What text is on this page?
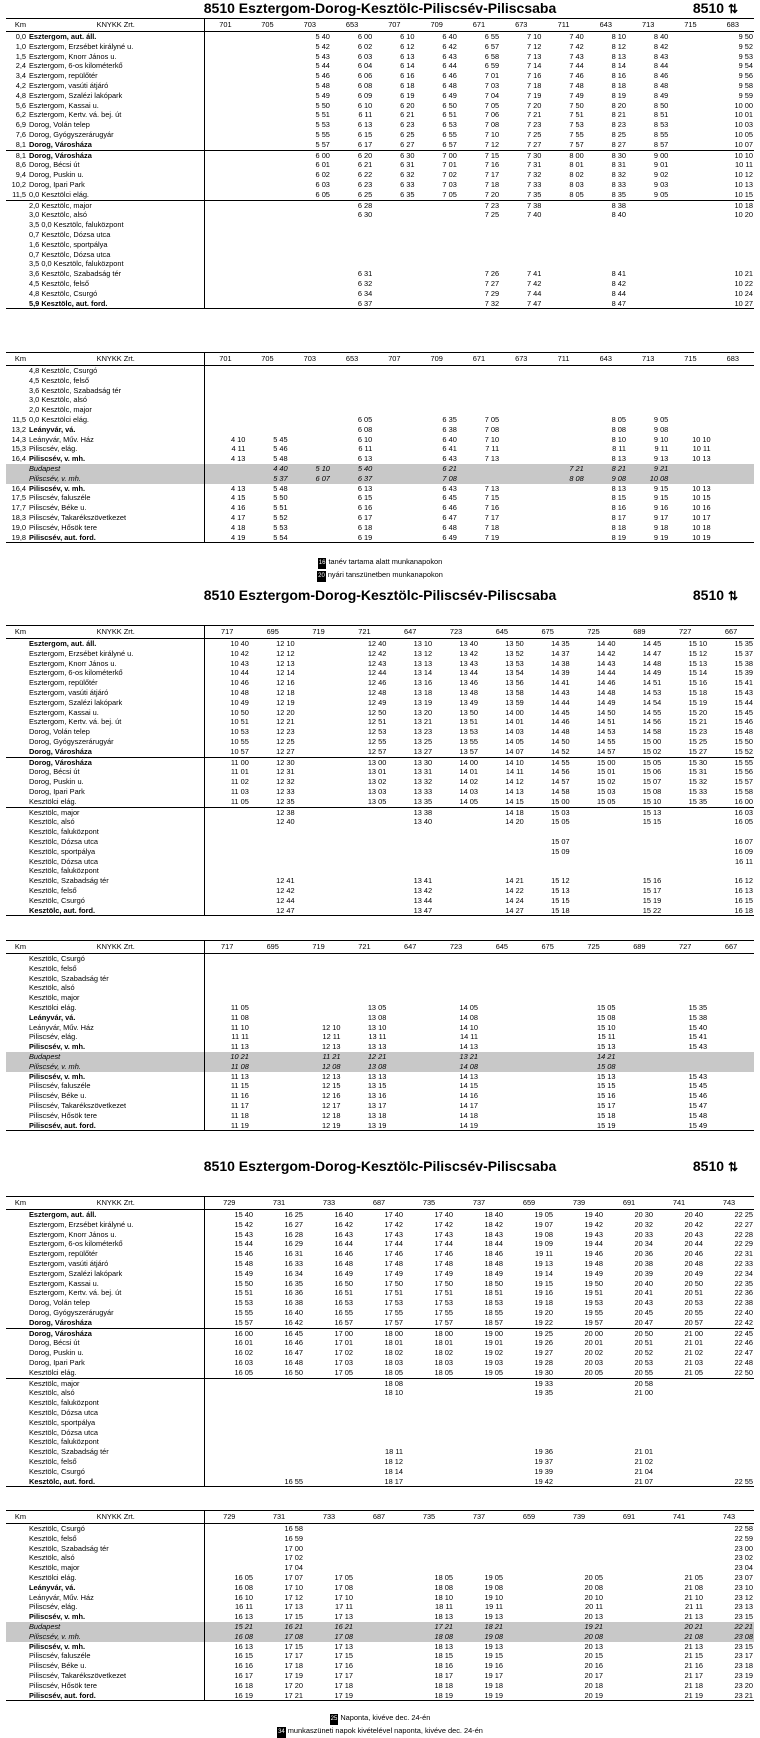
8510 Esztergom-Dorog-Kesztölc-Piliscsév-Piliscsaba	8510 ⇅
Km	KNYKK Zrt.	701	705	703	653	707	709	671	673	711	643	713	715	683
0,0	Esztergom, aut. áll.			5 40	6 00	6 10	6 40	6 55	7 10	7 40	8 10	8 40		9 50
1,0	Esztergom, Erzsébet királyné u.			5 42	6 02	6 12	6 42	6 57	7 12	7 42	8 12	8 42		9 52
1,5	Esztergom, Knorr János u.			5 43	6 03	6 13	6 43	6 58	7 13	7 43	8 13	8 43		9 53
2,4	Esztergom, 6-os kilométerkő			5 44	6 04	6 14	6 44	6 59	7 14	7 44	8 14	8 44		9 54
3,4	Esztergom, repülőtér			5 46	6 06	6 16	6 46	7 01	7 16	7 46	8 16	8 46		9 56
4,2	Esztergom, vasúti átjáró			5 48	6 08	6 18	6 48	7 03	7 18	7 48	8 18	8 48		9 58
4,8	Esztergom, Szalézi lakópark			5 49	6 09	6 19	6 49	7 04	7 19	7 49	8 19	8 49		9 59
5,6	Esztergom, Kassai u.			5 50	6 10	6 20	6 50	7 05	7 20	7 50	8 20	8 50		10 00
6,2	Esztergom, Kertv. vá. bej. út			5 51	6 11	6 21	6 51	7 06	7 21	7 51	8 21	8 51		10 01
6,9	Dorog, Volán telep			5 53	6 13	6 23	6 53	7 08	7 23	7 53	8 23	8 53		10 03
7,6	Dorog, Gyógyszerárugyár			5 55	6 15	6 25	6 55	7 10	7 25	7 55	8 25	8 55		10 05
8,1	Dorog, Városháza			5 57	6 17	6 27	6 57	7 12	7 27	7 57	8 27	8 57		10 07
8,1	Dorog, Városháza			6 00	6 20	6 30	7 00	7 15	7 30	8 00	8 30	9 00		10 10
8,6	Dorog, Bécsi út			6 01	6 21	6 31	7 01	7 16	7 31	8 01	8 31	9 01		10 11
9,4	Dorog, Puskin u.			6 02	6 22	6 32	7 02	7 17	7 32	8 02	8 32	9 02		10 12
10,2	Dorog, Ipari Park			6 03	6 23	6 33	7 03	7 18	7 33	8 03	8 33	9 03		10 13
11,5	0,0 Kesztölci elág.			6 05	6 25	6 35	7 05	7 20	7 35	8 05	8 35	9 05		10 15
	2,0 Kesztölc, major				6 28			7 23	7 38		8 38			10 18
	3,0 Kesztölc, alsó				6 30			7 25	7 40		8 40			10 20
	3,5 0,0 Kesztölc, faluközpont													
	0,7 Kesztölc, Dózsa utca													
	1,6 Kesztölc, sportpálya													
	0,7 Kesztölc, Dózsa utca													
	3,5 0,0 Kesztölc, faluközpont													
	3,6 Kesztölc, Szabadság tér				6 31			7 26	7 41		8 41			10 21
	4,5 Kesztölc, felső				6 32			7 27	7 42		8 42			10 22
	4,8 Kesztölc, Csurgó				6 34			7 29	7 44		8 44			10 24
	5,9 Kesztölc, aut. ford.				6 37			7 32	7 47		8 47			10 27
Km	KNYKK Zrt.	701	705	703	653	707	709	671	673	711	643	713	715	683
	4,8 Kesztölc, Csurgó													
	4,5 Kesztölc, felső													
	3,6 Kesztölc, Szabadság tér													
	3,0 Kesztölc, alsó													
	2,0 Kesztölc, major													
11,5	0,0 Kesztölci elág.				6 05		6 35	7 05			8 05	9 05		
13,2	Leányvár, vá.				6 08		6 38	7 08			8 08	9 08		
14,3	Leányvár, Műv. Ház	4 10	5 45		6 10		6 40	7 10			8 10	9 10	10 10	
15,3	Piliscsév, elág.	4 11	5 46		6 11		6 41	7 11			8 11	9 11	10 11	
16,4	Piliscsév, v. mh.	4 13	5 48		6 13		6 43	7 13			8 13	9 13	10 13	
	Budapest		4 40	5 10	5 40		6 21			7 21	8 21	9 21		
	Piliscsév, v. mh.		5 37	6 07	6 37		7 08			8 08	9 08	10 08		
16,4	Piliscsév, v. mh.	4 13	5 48		6 13		6 43	7 13			8 13	9 15	10 13	
17,5	Piliscsév, faluszéle	4 15	5 50		6 15		6 45	7 15			8 15	9 15	10 15	
17,7	Piliscsév, Béke u.	4 16	5 51		6 16		6 46	7 16			8 16	9 16	10 16	
18,3	Piliscsév, Takarékszövetkezet	4 17	5 52		6 17		6 47	7 17			8 17	9 17	10 17	
19,0	Piliscsév, Hősök tere	4 18	5 53		6 18		6 48	7 18			8 18	9 18	10 18	
19,8	Piliscsév, aut. ford.	4 19	5 54		6 19		6 49	7 19			8 19	9 19	10 19	
16 tanév tartama alatt munkanapokon
20 nyári tanszünetben munkanapokon
8510 Esztergom-Dorog-Kesztölc-Piliscsév-Piliscsaba	8510 ⇅
Km	KNYKK Zrt.	717	695	719	721	647	723	645	675	725	689	727	667
	Esztergom, aut. áll.	10 40	12 10		12 40	13 10	13 40	13 50	14 35	14 40	14 45	15 10	15 35
	Esztergom, Erzsébet királyné u.	10 42	12 12		12 42	13 12	13 42	13 52	14 37	14 42	14 47	15 12	15 37
	Esztergom, Knorr János u.	10 43	12 13		12 43	13 13	13 43	13 53	14 38	14 43	14 48	15 13	15 38
	Esztergom, 6-os kilométerkő	10 44	12 14		12 44	13 14	13 44	13 54	14 39	14 44	14 49	15 14	15 39
	Esztergom, repülőtér	10 46	12 16		12 46	13 16	13 46	13 56	14 41	14 46	14 51	15 16	15 41
	Esztergom, vasúti átjáró	10 48	12 18		12 48	13 18	13 48	13 58	14 43	14 48	14 53	15 18	15 43
	Esztergom, Szalézi lakópark	10 49	12 19		12 49	13 19	13 49	13 59	14 44	14 49	14 54	15 19	15 44
	Esztergom, Kassai u.	10 50	12 20		12 50	13 20	13 50	14 00	14 45	14 50	14 55	15 20	15 45
	Esztergom, Kertv. vá. bej. út	10 51	12 21		12 51	13 21	13 51	14 01	14 46	14 51	14 56	15 21	15 46
	Dorog, Volán telep	10 53	12 23		12 53	13 23	13 53	14 03	14 48	14 53	14 58	15 23	15 48
	Dorog, Gyógyszerárugyár	10 55	12 25		12 55	13 25	13 55	14 05	14 50	14 55	15 00	15 25	15 50
	Dorog, Városháza	10 57	12 27		12 57	13 27	13 57	14 07	14 52	14 57	15 02	15 27	15 52
	Dorog, Városháza	11 00	12 30		13 00	13 30	14 00	14 10	14 55	15 00	15 05	15 30	15 55
	Dorog, Bécsi út	11 01	12 31		13 01	13 31	14 01	14 11	14 56	15 01	15 06	15 31	15 56
	Dorog, Puskin u.	11 02	12 32		13 02	13 32	14 02	14 12	14 57	15 02	15 07	15 32	15 57
	Dorog, Ipari Park	11 03	12 33		13 03	13 33	14 03	14 13	14 58	15 03	15 08	15 33	15 58
	Kesztölci elág.	11 05	12 35		13 05	13 35	14 05	14 15	15 00	15 05	15 10	15 35	16 00
	Kesztölc, major		12 38			13 38		14 18	15 03		15 13		16 03
	Kesztölc, alsó		12 40			13 40		14 20	15 05		15 15		16 05
	Kesztölc, faluközpont												
	Kesztölc, Dózsa utca								15 07				16 07
	Kesztölc, sportpálya								15 09				16 09
	Kesztölc, Dózsa utca												16 11
	Kesztölc, faluközpont												
	Kesztölc, Szabadság tér		12 41			13 41		14 21	15 12		15 16		16 12
	Kesztölc, felső		12 42			13 42		14 22	15 13		15 17		16 13
	Kesztölc, Csurgó		12 44			13 44		14 24	15 15		15 19		16 15
	Kesztölc, aut. ford.		12 47			13 47		14 27	15 18		15 22		16 18
Km	KNYKK Zrt.	717	695	719	721	647	723	645	675	725	689	727	667
	Kesztölc, Csurgó												
	Kesztölc, felső												
	Kesztölc, Szabadság tér												
	Kesztölc, alsó												
	Kesztölc, major												
	Kesztölci elág.	11 05			13 05		14 05			15 05		15 35	
	Leányvár, vá.	11 08			13 08		14 08			15 08		15 38	
	Leányvár, Műv. Ház	11 10		12 10	13 10		14 10			15 10		15 40	
	Piliscsév, elág.	11 11		12 11	13 11		14 11			15 11		15 41	
	Piliscsév, v. mh.	11 13		12 13	13 13		14 13			15 13		15 43	
	Budapest	10 21		11 21	12 21		13 21			14 21			
	Piliscsév, v. mh.	11 08		12 08	13 08		14 08			15 08			
	Piliscsév, v. mh.	11 13		12 13	13 13		14 13			15 13		15 43	
	Piliscsév, faluszéle	11 15		12 15	13 15		14 15			15 15		15 45	
	Piliscsév, Béke u.	11 16		12 16	13 16		14 16			15 16		15 46	
	Piliscsév, Takarékszövetkezet	11 17		12 17	13 17		14 17			15 17		15 47	
	Piliscsév, Hősök tere	11 18		12 18	13 18		14 18			15 18		15 48	
	Piliscsév, aut. ford.	11 19		12 19	13 19		14 19			15 19		15 49	
8510 Esztergom-Dorog-Kesztölc-Piliscsév-Piliscsaba	8510 ⇅
Km	KNYKK Zrt.	729	731	733	687	735	737	659	739	691	741	743
	Esztergom, aut. áll.	15 40	16 25	16 40	17 40	17 40	18 40	19 05	19 40	20 30	20 40	22 25
	Esztergom, Erzsébet királyné u.	15 42	16 27	16 42	17 42	17 42	18 42	19 07	19 42	20 32	20 42	22 27
	Esztergom, Knorr János u.	15 43	16 28	16 43	17 43	17 43	18 43	19 08	19 43	20 33	20 43	22 28
	Esztergom, 6-os kilométerkő	15 44	16 29	16 44	17 44	17 44	18 44	19 09	19 44	20 34	20 44	22 29
	Esztergom, repülőtér	15 46	16 31	16 46	17 46	17 46	18 46	19 11	19 46	20 36	20 46	22 31
	Esztergom, vasúti átjáró	15 48	16 33	16 48	17 48	17 48	18 48	19 13	19 48	20 38	20 48	22 33
	Esztergom, Szalézi lakópark	15 49	16 34	16 49	17 49	17 49	18 49	19 14	19 49	20 39	20 49	22 34
	Esztergom, Kassai u.	15 50	16 35	16 50	17 50	17 50	18 50	19 15	19 50	20 40	20 50	22 35
	Esztergom, Kertv. vá. bej. út	15 51	16 36	16 51	17 51	17 51	18 51	19 16	19 51	20 41	20 51	22 36
	Dorog, Volán telep	15 53	16 38	16 53	17 53	17 53	18 53	19 18	19 53	20 43	20 53	22 38
	Dorog, Gyógyszerárugyár	15 55	16 40	16 55	17 55	17 55	18 55	19 20	19 55	20 45	20 55	22 40
	Dorog, Városháza	15 57	16 42	16 57	17 57	17 57	18 57	19 22	19 57	20 47	20 57	22 42
	Dorog, Városháza	16 00	16 45	17 00	18 00	18 00	19 00	19 25	20 00	20 50	21 00	22 45
	Dorog, Bécsi út	16 01	16 46	17 01	18 01	18 01	19 01	19 26	20 01	20 51	21 01	22 46
	Dorog, Puskin u.	16 02	16 47	17 02	18 02	18 02	19 02	19 27	20 02	20 52	21 02	22 47
	Dorog, Ipari Park	16 03	16 48	17 03	18 03	18 03	19 03	19 28	20 03	20 53	21 03	22 48
	Kesztölci elág.	16 05	16 50	17 05	18 05	18 05	19 05	19 30	20 05	20 55	21 05	22 50
	Kesztölc, major				18 08			19 33		20 58		
	Kesztölc, alsó				18 10			19 35		21 00		
	Kesztölc, faluközpont											
	Kesztölc, Dózsa utca											
	Kesztölc, sportpálya											
	Kesztölc, Dózsa utca											
	Kesztölc, faluközpont											
	Kesztölc, Szabadság tér				18 11			19 36		21 01		
	Kesztölc, felső				18 12			19 37		21 02		
	Kesztölc, Csurgó				18 14			19 39		21 04		
	Kesztölc, aut. ford.		16 55		18 17			19 42		21 07		22 55
Km	KNYKK Zrt.	729	731	733	687	735	737	659	739	691	741	743
	Kesztölc, Csurgó		16 58									22 58
	Kesztölc, felső		16 59									22 59
	Kesztölc, Szabadság tér		17 00									23 00
	Kesztölc, alsó		17 02									23 02
	Kesztölc, major		17 04									23 04
	Kesztölci elág.	16 05	17 07	17 05		18 05	19 05		20 05		21 05	23 07
	Leányvár, vá.	16 08	17 10	17 08		18 08	19 08		20 08		21 08	23 10
	Leányvár, Műv. Ház	16 10	17 12	17 10		18 10	19 10		20 10		21 10	23 12
	Piliscsév, elág.	16 11	17 13	17 11		18 11	19 11		20 11		21 11	23 13
	Piliscsév, v. mh.	16 13	17 15	17 13		18 13	19 13		20 13		21 13	23 15
	Budapest	15 21	16 21	16 21		17 21	18 21		19 21		20 21	22 21
	Piliscsév, v. mh.	16 08	17 08	17 08		18 08	19 08		20 08		21 08	23 08
	Piliscsév, v. mh.	16 13	17 15	17 13		18 13	19 13		20 13		21 13	23 15
	Piliscsév, faluszéle	16 15	17 17	17 15		18 15	19 15		20 15		21 15	23 17
	Piliscsév, Béke u.	16 16	17 18	17 16		18 16	19 16		20 16		21 16	23 18
	Piliscsév, Takarékszövetkezet	16 17	17 19	17 17		18 17	19 17		20 17		21 17	23 19
	Piliscsév, Hősök tere	16 18	17 20	17 18		18 18	19 18		20 18		21 18	23 20
	Piliscsév, aut. ford.	16 19	17 21	17 19		18 19	19 19		20 19		21 19	23 21
25 Naponta, kivéve dec. 24-én
34 munkaszüneti napok kivételével naponta, kivéve dec. 24-én
